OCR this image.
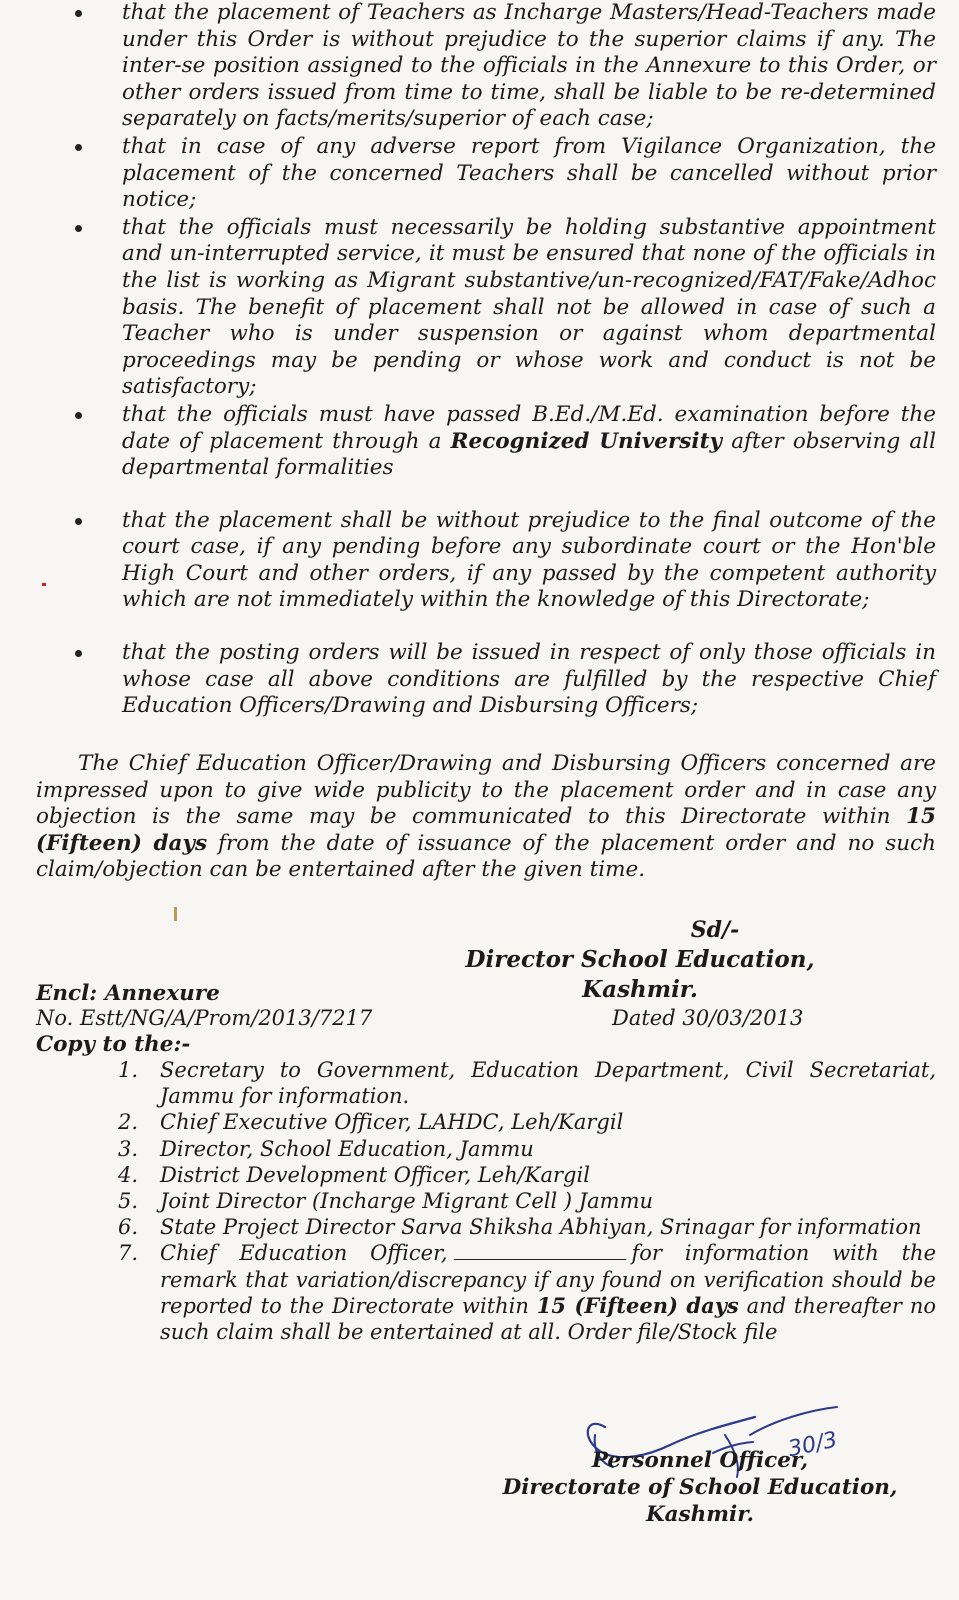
that the placement of Teachers as Incharge Masters/Head-Teachers made under this Order is without prejudice to the superior claims if any. The inter-se position assigned to the officials in the Annexure to this Order, or other orders issued from time to time, shall be liable to be re-determined separately on facts/merits/superior of each case;
that in case of any adverse report from Vigilance Organization, the placement of the concerned Teachers shall be cancelled without prior notice;
that the officials must necessarily be holding substantive appointment and un-interrupted service, it must be ensured that none of the officials in the list is working as Migrant substantive/un-recognized/FAT/Fake/Adhoc basis. The benefit of placement shall not be allowed in case of such a Teacher who is under suspension or against whom departmental proceedings may be pending or whose work and conduct is not be satisfactory;
that the officials must have passed B.Ed./M.Ed. examination before the date of placement through a Recognized University after observing all departmental formalities
that the placement shall be without prejudice to the final outcome of the court case, if any pending before any subordinate court or the Hon'ble High Court and other orders, if any passed by the competent authority which are not immediately within the knowledge of this Directorate;
that the posting orders will be issued in respect of only those officials in whose case all above conditions are fulfilled by the respective Chief Education Officers/Drawing and Disbursing Officers;
The Chief Education Officer/Drawing and Disbursing Officers concerned are impressed upon to give wide publicity to the placement order and in case any objection is the same may be communicated to this Directorate within 15 (Fifteen) days from the date of issuance of the placement order and no such claim/objection can be entertained after the given time.
Sd/-
Director School Education,
Kashmir.
Encl: Annexure
No. Estt/NG/A/Prom/2013/7217	Dated 30/03/2013
Copy to the:-
1. Secretary to Government, Education Department, Civil Secretariat, Jammu for information.
2. Chief Executive Officer, LAHDC, Leh/Kargil
3. Director, School Education, Jammu
4. District Development Officer, Leh/Kargil
5. Joint Director (Incharge Migrant Cell ) Jammu
6. State Project Director Sarva Shiksha Abhiyan, Srinagar for information
7. Chief Education Officer,	for information with the remark that variation/discrepancy if any found on verification should be reported to the Directorate within 15 (Fifteen) days and thereafter no such claim shall be entertained at all. Order file/Stock file
30/3
Personnel Officer,
Directorate of School Education,
Kashmir.
